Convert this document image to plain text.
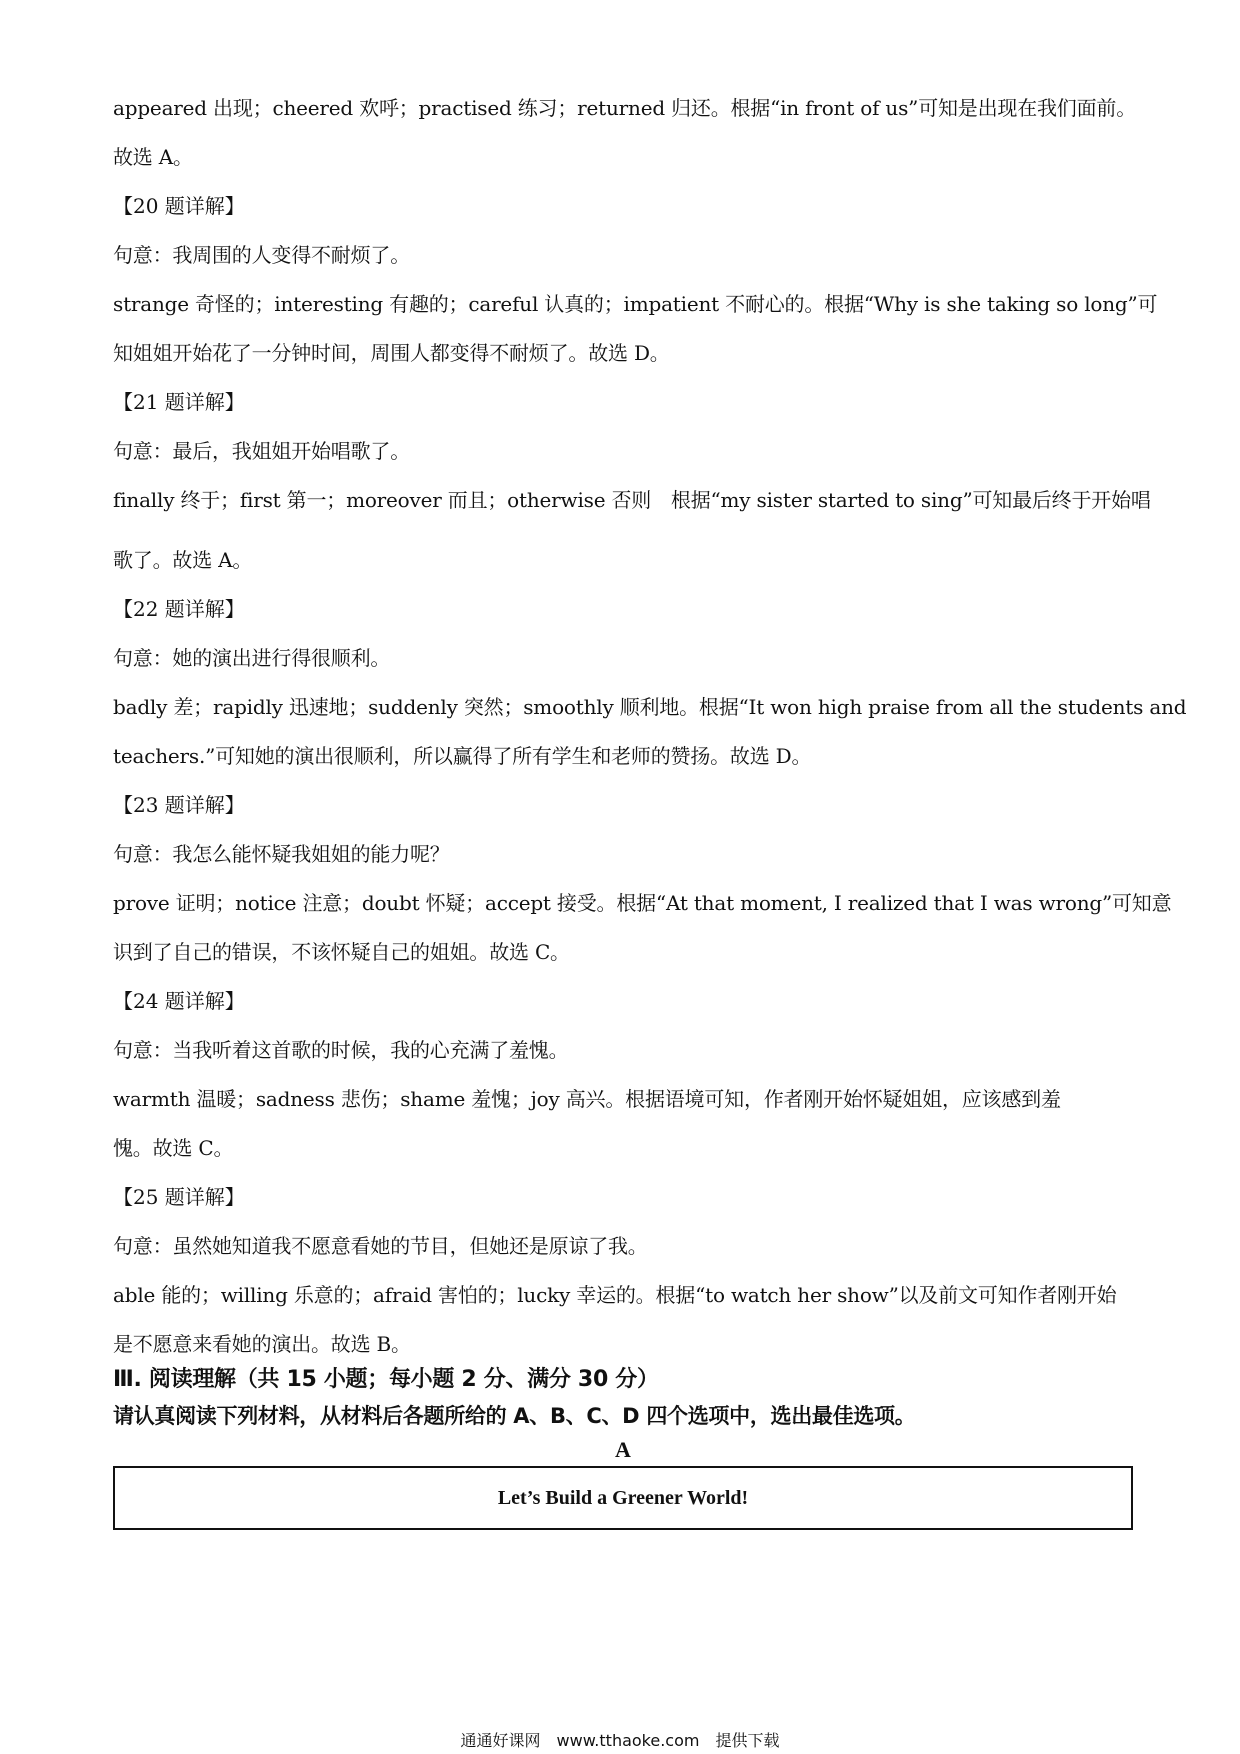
appeared 出现；cheered 欢呼；practised 练习；returned 归还。根据“in front of us”可知是出现在我们面前。
故选 A。
【20 题详解】
句意：我周围的人变得不耐烦了。
strange 奇怪的；interesting 有趣的；careful 认真的；impatient 不耐心的。根据“Why is she taking so long”可
知姐姐开始花了一分钟时间，周围人都变得不耐烦了。故选 D。
【21 题详解】
句意：最后，我姐姐开始唱歌了。
finally 终于；first 第一；moreover 而且；otherwise 否则　根据“my sister started to sing”可知最后终于开始唱
歌了。故选 A。
【22 题详解】
句意：她的演出进行得很顺利。
badly 差；rapidly 迅速地；suddenly 突然；smoothly 顺利地。根据“It won high praise from all the students and
teachers.”可知她的演出很顺利，所以赢得了所有学生和老师的赞扬。故选 D。
【23 题详解】
句意：我怎么能怀疑我姐姐的能力呢？
prove 证明；notice 注意；doubt 怀疑；accept 接受。根据“At that moment, I realized that I was wrong”可知意
识到了自己的错误，不该怀疑自己的姐姐。故选 C。
【24 题详解】
句意：当我听着这首歌的时候，我的心充满了羞愧。
warmth 温暖；sadness 悲伤；shame 羞愧；joy 高兴。根据语境可知，作者刚开始怀疑姐姐，应该感到羞
愧。故选 C。
【25 题详解】
句意：虽然她知道我不愿意看她的节目，但她还是原谅了我。
able 能的；willing 乐意的；afraid 害怕的；lucky 幸运的。根据“to watch her show”以及前文可知作者刚开始
是不愿意来看她的演出。故选 B。
Ⅲ. 阅读理解（共 15 小题；每小题 2 分、满分 30 分）
请认真阅读下列材料，从材料后各题所给的 A、B、C、D 四个选项中，选出最佳选项。
A
Let’s Build a Greener World!
通通好课网　www.tthaoke.com　提供下载
